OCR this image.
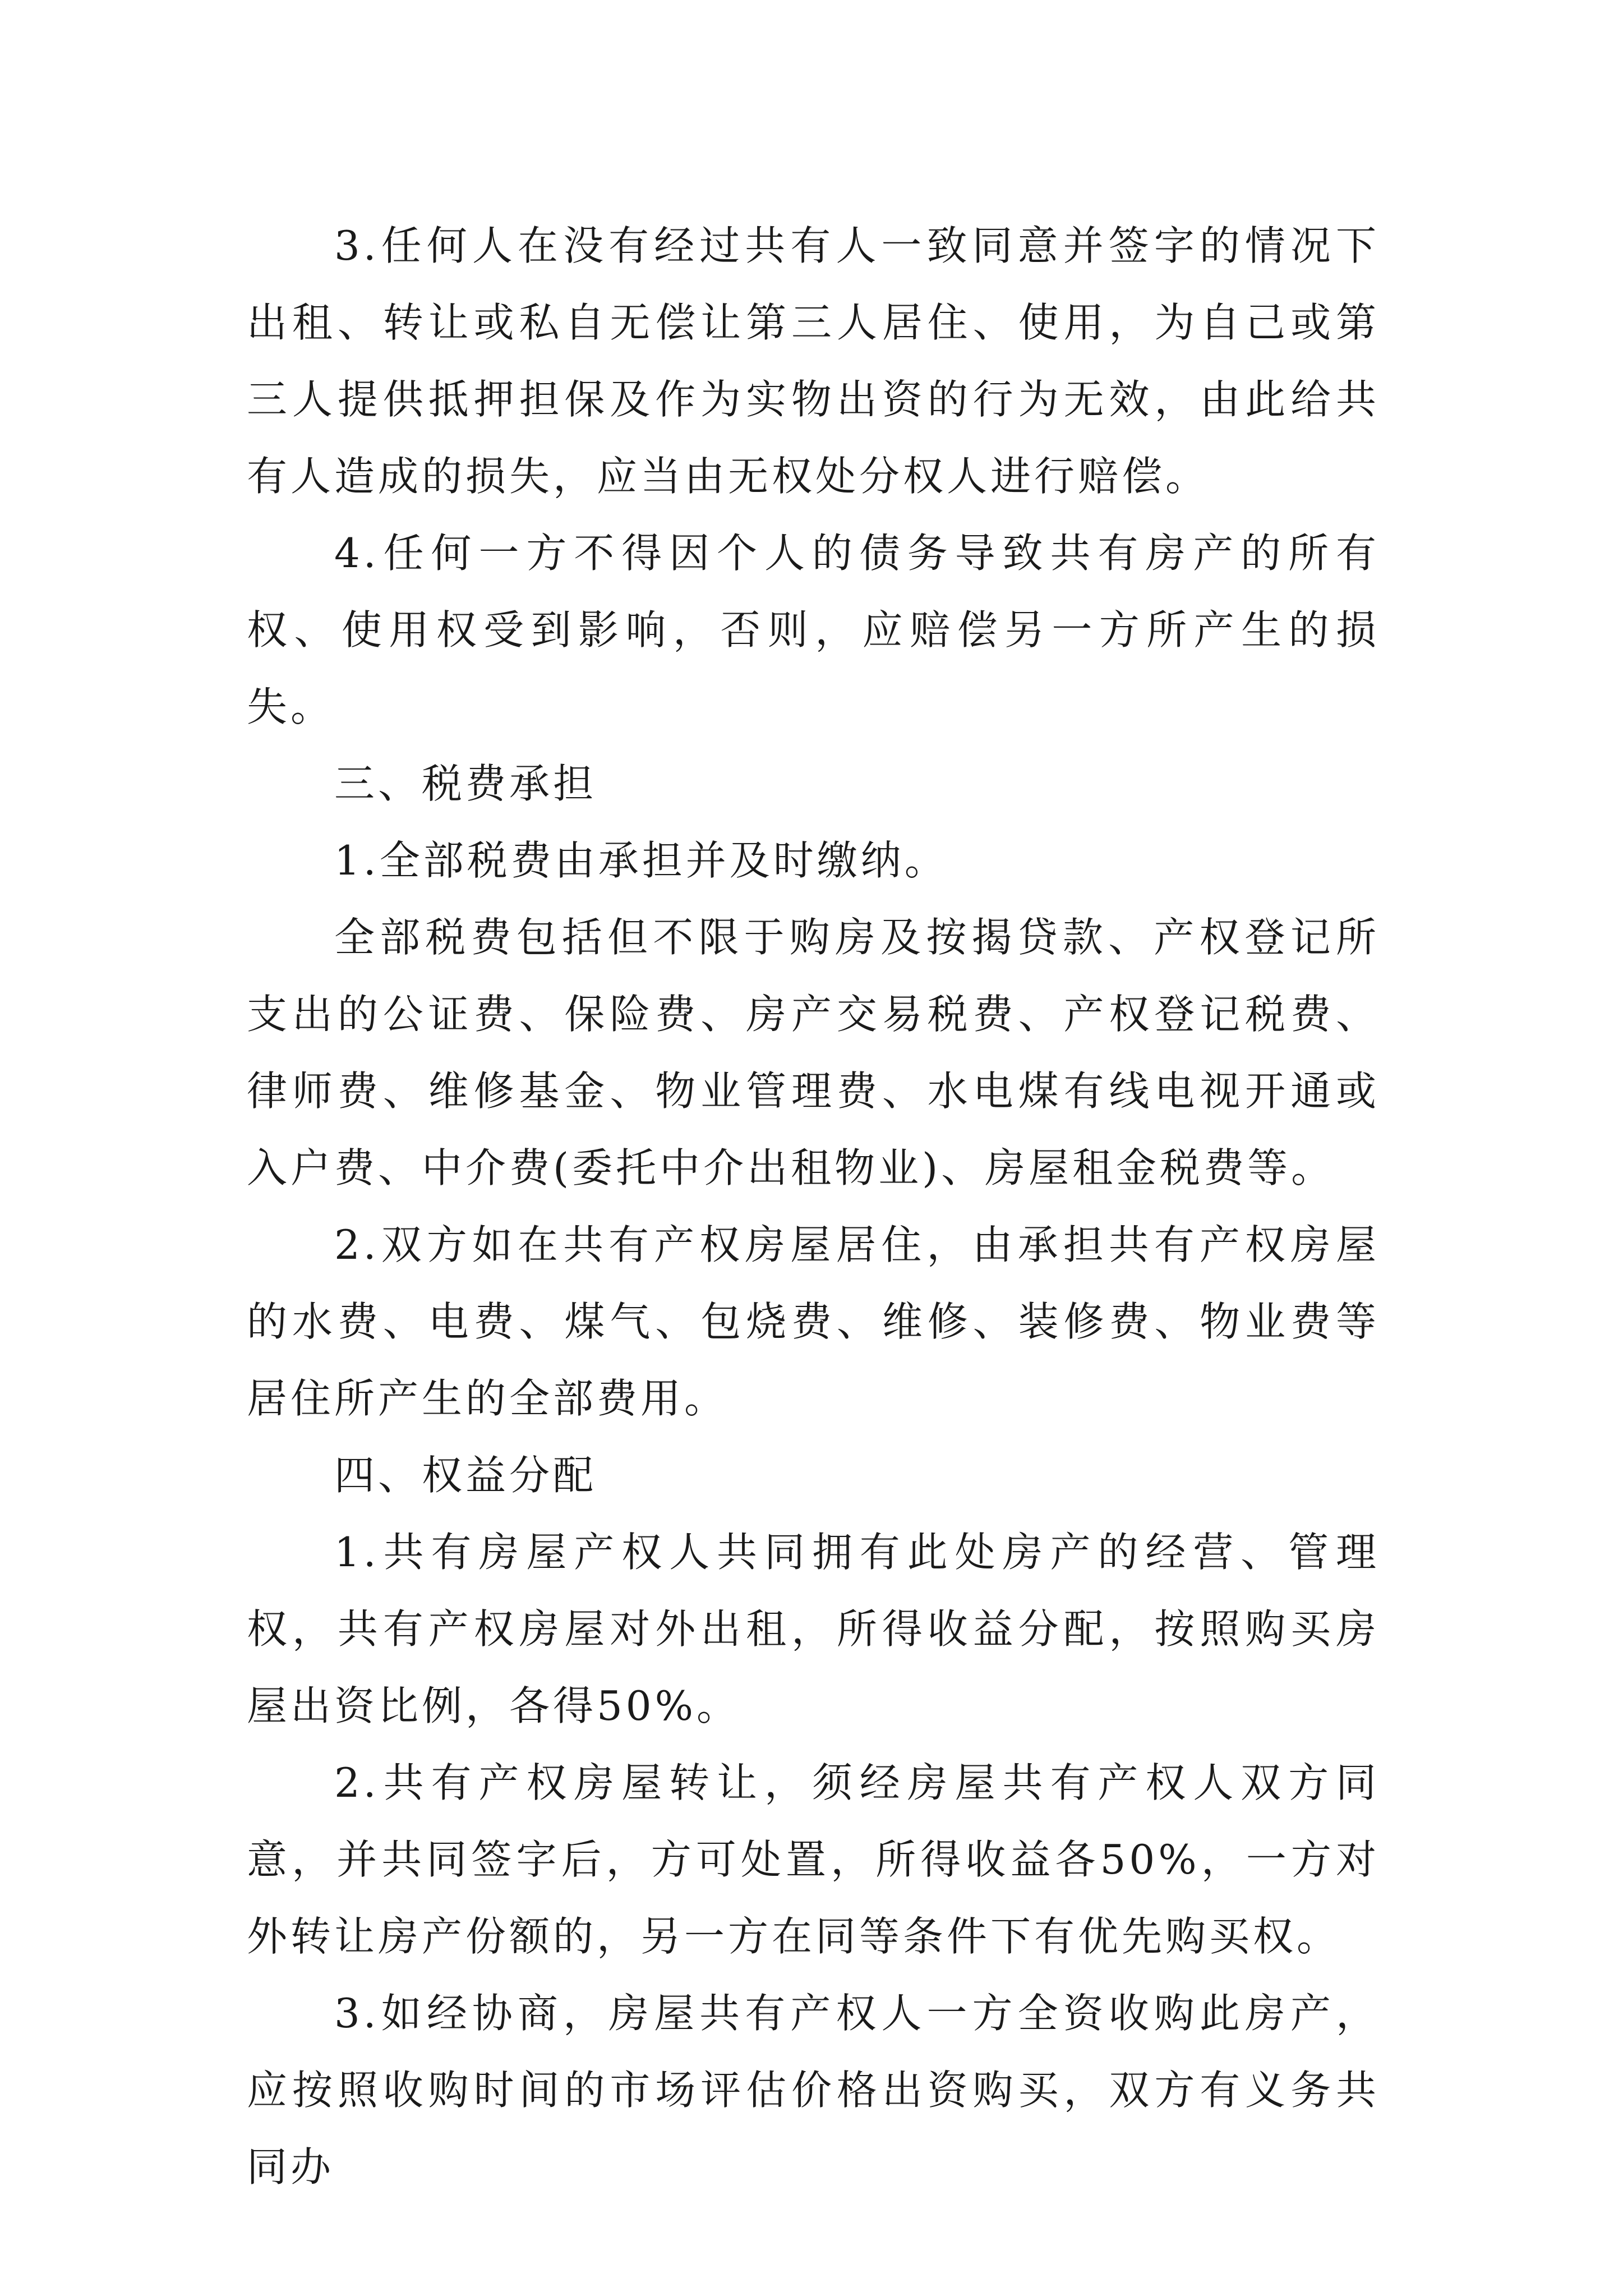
3.任何人在没有经过共有人一致同意并签字的情况下出租、转让或私自无偿让第三人居住、使用，为自己或第三人提供抵押担保及作为实物出资的行为无效，由此给共有人造成的损失，应当由无权处分权人进行赔偿。

4.任何一方不得因个人的债务导致共有房产的所有权、使用权受到影响，否则，应赔偿另一方所产生的损失。

三、税费承担

1.全部税费由承担并及时缴纳。

全部税费包括但不限于购房及按揭贷款、产权登记所支出的公证费、保险费、房产交易税费、产权登记税费、律师费、维修基金、物业管理费、水电煤有线电视开通或入户费、中介费(委托中介出租物业)、房屋租金税费等。

2.双方如在共有产权房屋居住，由承担共有产权房屋的水费、电费、煤气、包烧费、维修、装修费、物业费等居住所产生的全部费用。

四、权益分配

1.共有房屋产权人共同拥有此处房产的经营、管理权，共有产权房屋对外出租，所得收益分配，按照购买房屋出资比例，各得50%。

2.共有产权房屋转让，须经房屋共有产权人双方同意，并共同签字后，方可处置，所得收益各50%，一方对外转让房产份额的，另一方在同等条件下有优先购买权。

3.如经协商，房屋共有产权人一方全资收购此房产，应按照收购时间的市场评估价格出资购买，双方有义务共同办
